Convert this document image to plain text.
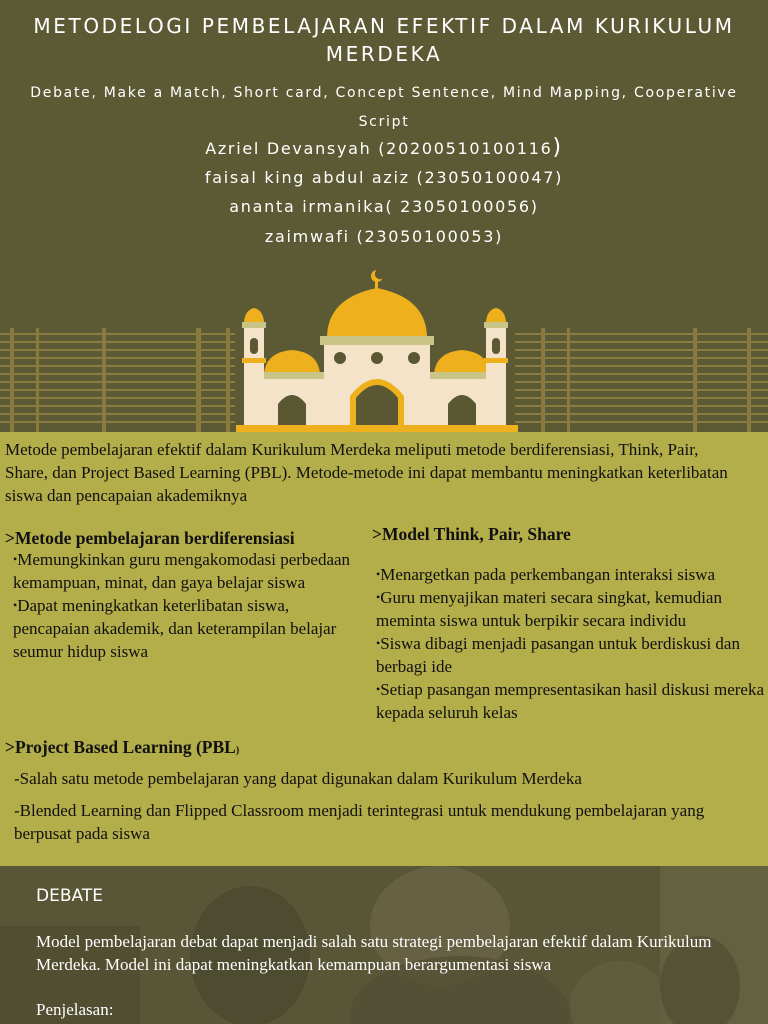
METODELOGI PEMBELAJARAN EFEKTIF DALAM KURIKULUM MERDEKA
Debate, Make a Match, Short card, Concept Sentence, Mind Mapping, Cooperative Script
Azriel Devansyah (20200510100116)
faisal king abdul aziz (23050100047)
ananta irmanika( 23050100056)
zaimwafi (23050100053)

Metode pembelajaran efektif dalam Kurikulum Merdeka meliputi metode berdiferensiasi, Think, Pair, Share, dan Project Based Learning (PBL). Metode-metode ini dapat membantu meningkatkan keterlibatan siswa dan pencapaian akademiknya

>Metode pembelajaran berdiferensiasi

•Memungkinkan guru mengakomodasi perbedaan kemampuan, minat, dan gaya belajar siswa

•Dapat meningkatkan keterlibatan siswa, pencapaian akademik, dan keterampilan belajar seumur hidup siswa

>Model Think, Pair, Share

•Menargetkan pada perkembangan interaksi siswa

•Guru menyajikan materi secara singkat, kemudian meminta siswa untuk berpikir secara individu

•Siswa dibagi menjadi pasangan untuk berdiskusi dan berbagi ide

•Setiap pasangan mempresentasikan hasil diskusi mereka kepada seluruh kelas

>Project Based Learning (PBL)

-Salah satu metode pembelajaran yang dapat digunakan dalam Kurikulum Merdeka

-Blended Learning dan Flipped Classroom menjadi terintegrasi untuk mendukung pembelajaran yang berpusat pada siswa

DEBATE

Model pembelajaran debat dapat menjadi salah satu strategi pembelajaran efektif dalam Kurikulum Merdeka. Model ini dapat meningkatkan kemampuan berargumentasi siswa

Penjelasan:
